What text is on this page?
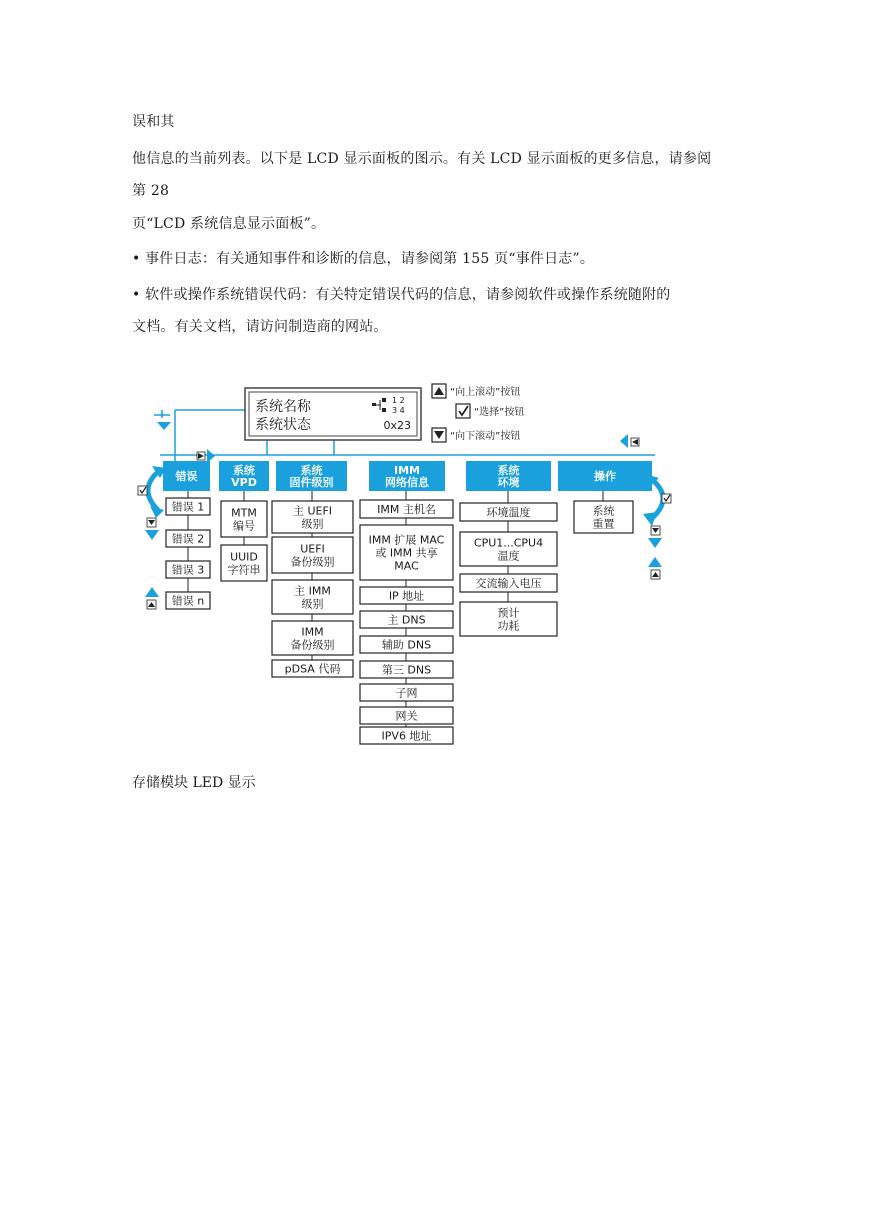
误和其
他信息的当前列表。以下是 LCD 显示面板的图示。有关 LCD 显示面板的更多信息，请参阅
第 28
页“LCD 系统信息显示面板”。
• 事件日志：有关通知事件和诊断的信息，请参阅第 155 页“事件日志”。
• 软件或操作系统错误代码：有关特定错误代码的信息，请参阅软件或操作系统随附的
文档。有关文档，请访问制造商的网站。
系统名称
系统状态	0x23
1 2
3 4
“向上滚动”按钮
“选择”按钮
“向下滚动”按钮
错误
错误 1
错误 2
错误 3
错误 n
系统
VPD
MTM
编号
UUID
字符串
系统
固件级别
主 UEFI
级别
UEFI
备份级别
主 IMM
级别
IMM
备份级别
pDSA 代码
IMM
网络信息
IMM 主机名
IMM 扩展 MAC
或 IMM 共享
MAC
IP 地址
主 DNS
辅助 DNS
第三 DNS
子网
网关
IPV6 地址
系统
环境
环境温度
CPU1...CPU4
温度
交流输入电压
预计
功耗
操作
系统
重置
存储模块 LED 显示
